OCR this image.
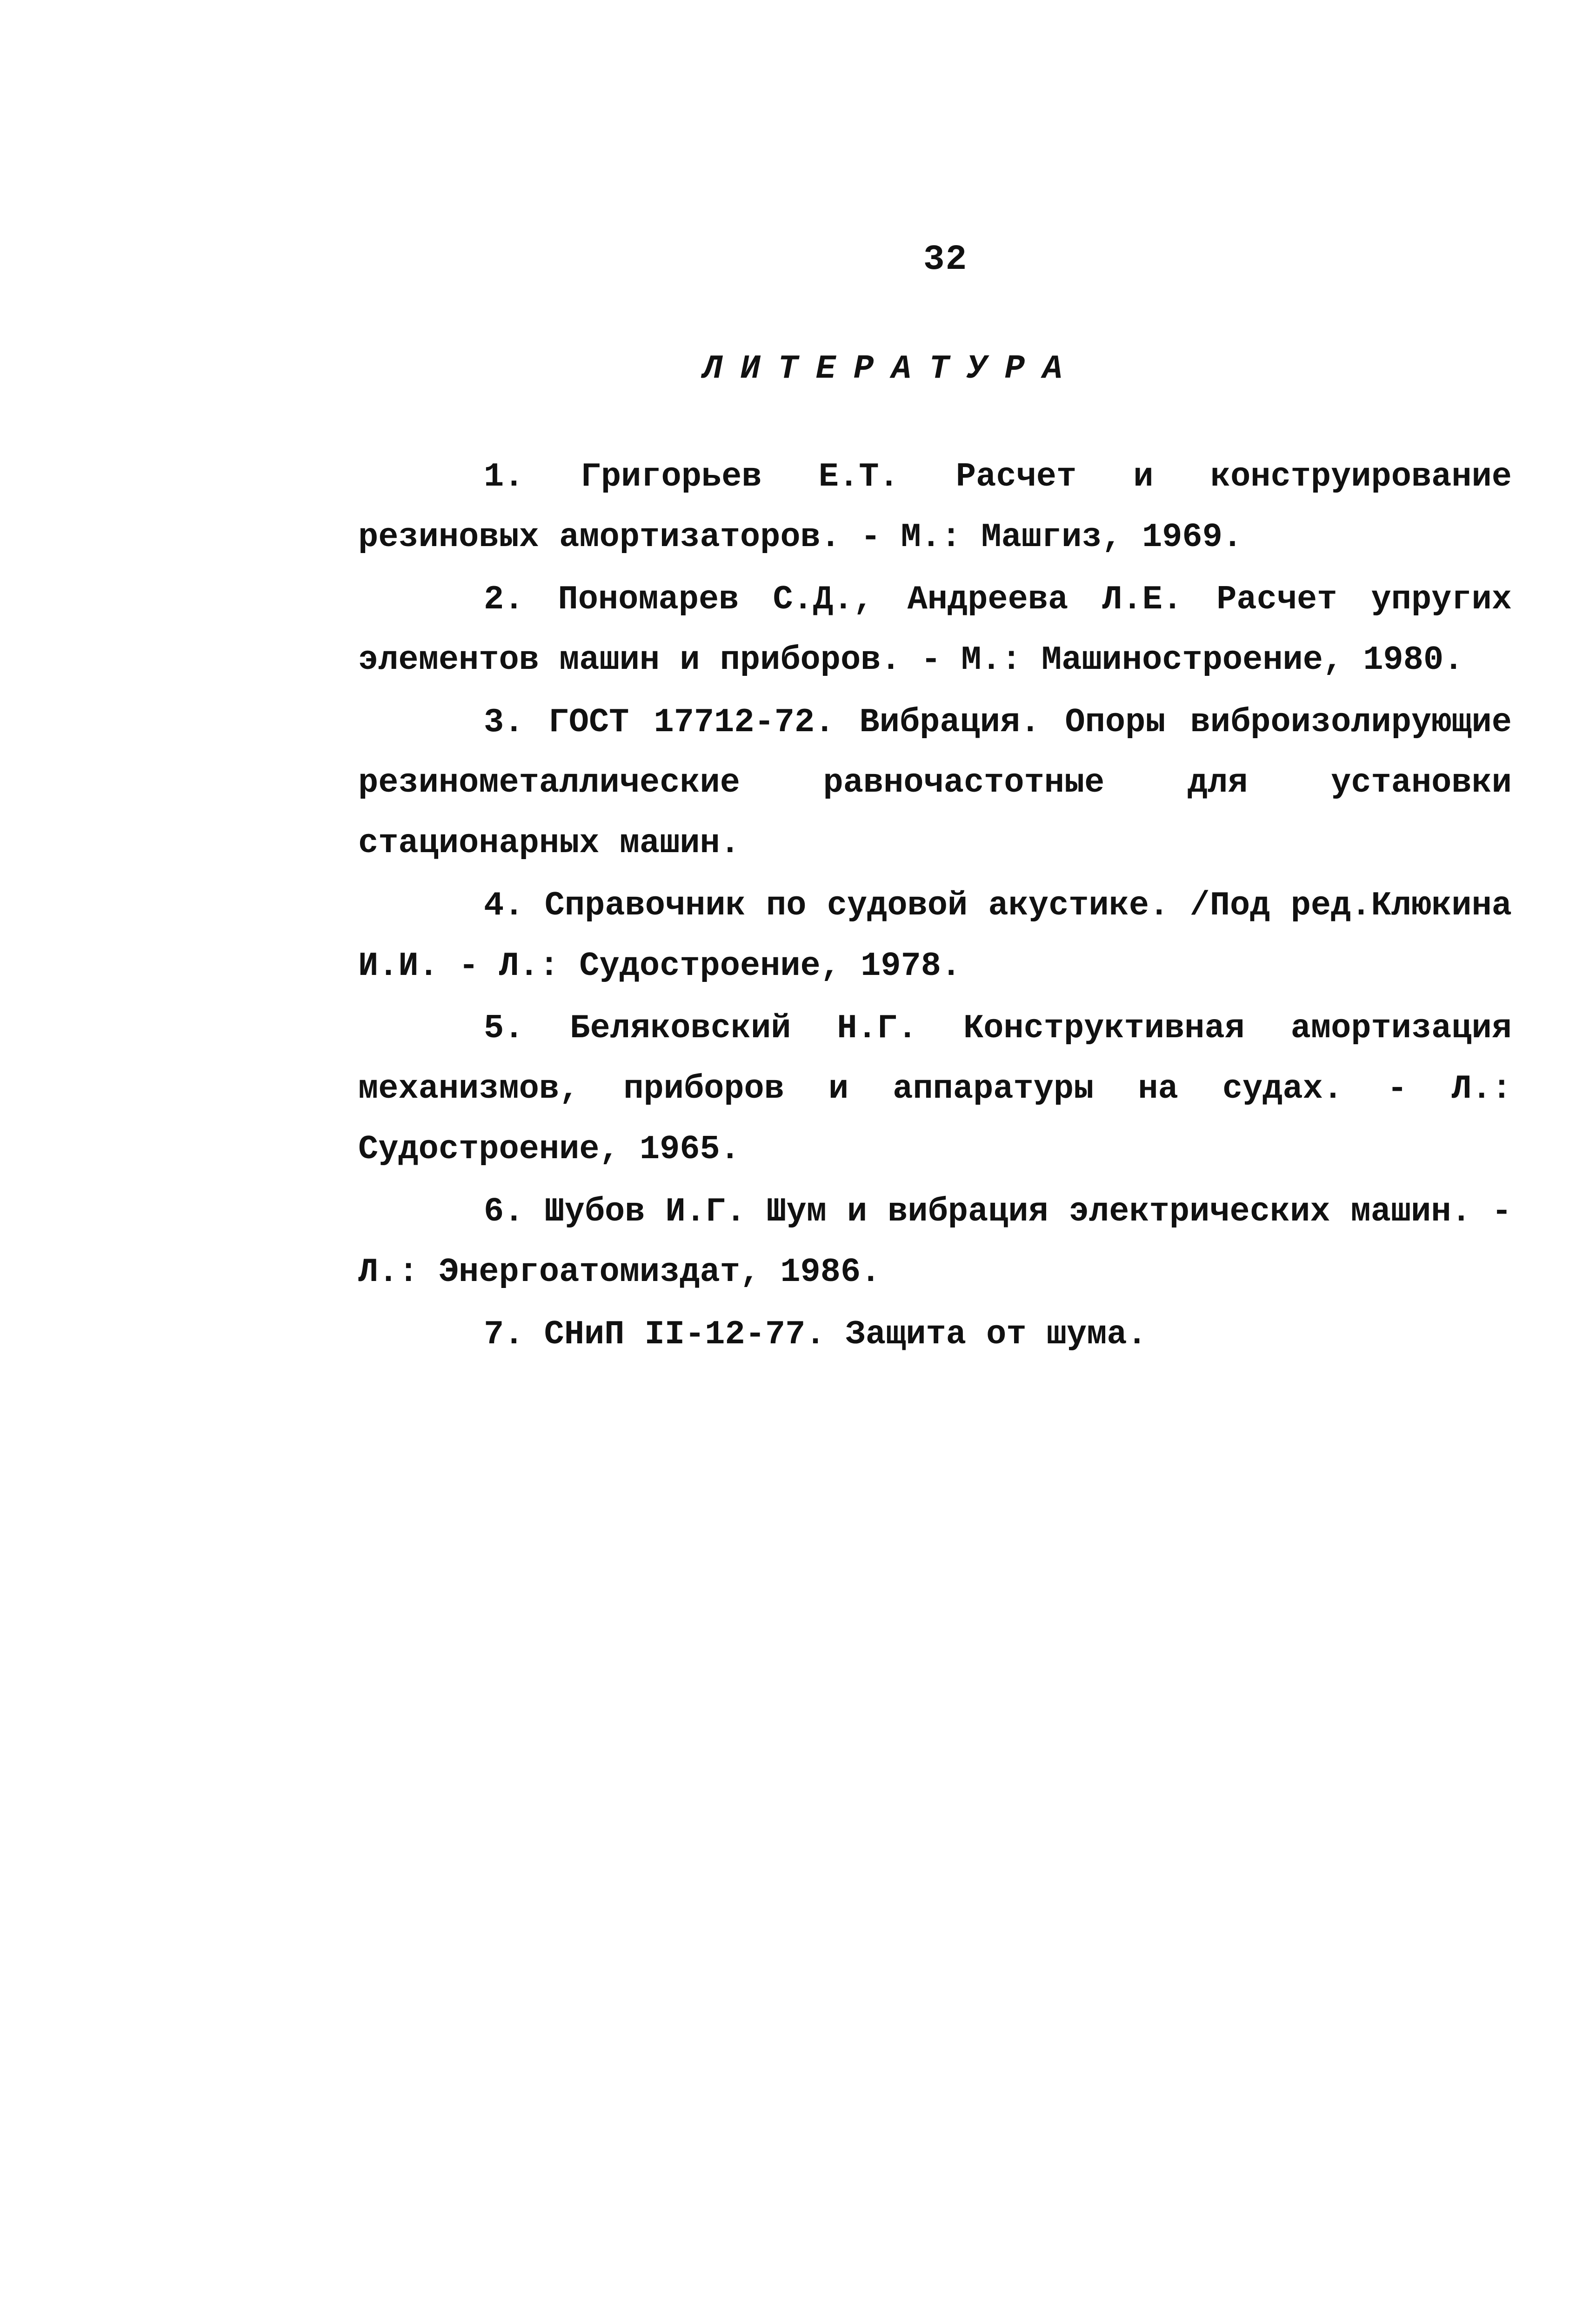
32
ЛИТЕРАТУРА

1. Григорьев Е.Т. Расчет и конструирование резиновых амортизаторов. - М.: Машгиз, 1969.

2. Пономарев С.Д., Андреева Л.Е. Расчет упругих элементов машин и приборов. - М.: Машиностроение, 1980.

3. ГОСТ 17712-72. Вибрация. Опоры виброизолирующие резинометаллические равночастотные для установки стационарных машин.

4. Справочник по судовой акустике. /Под ред.Клюкина И.И. - Л.: Судостроение, 1978.

5. Беляковский Н.Г. Конструктивная амортизация механизмов, приборов и аппаратуры на судах. - Л.: Судостроение, 1965.

6. Шубов И.Г. Шум и вибрация электрических машин. - Л.: Энергоатомиздат, 1986.

7. СНиП II-12-77. Защита от шума.
